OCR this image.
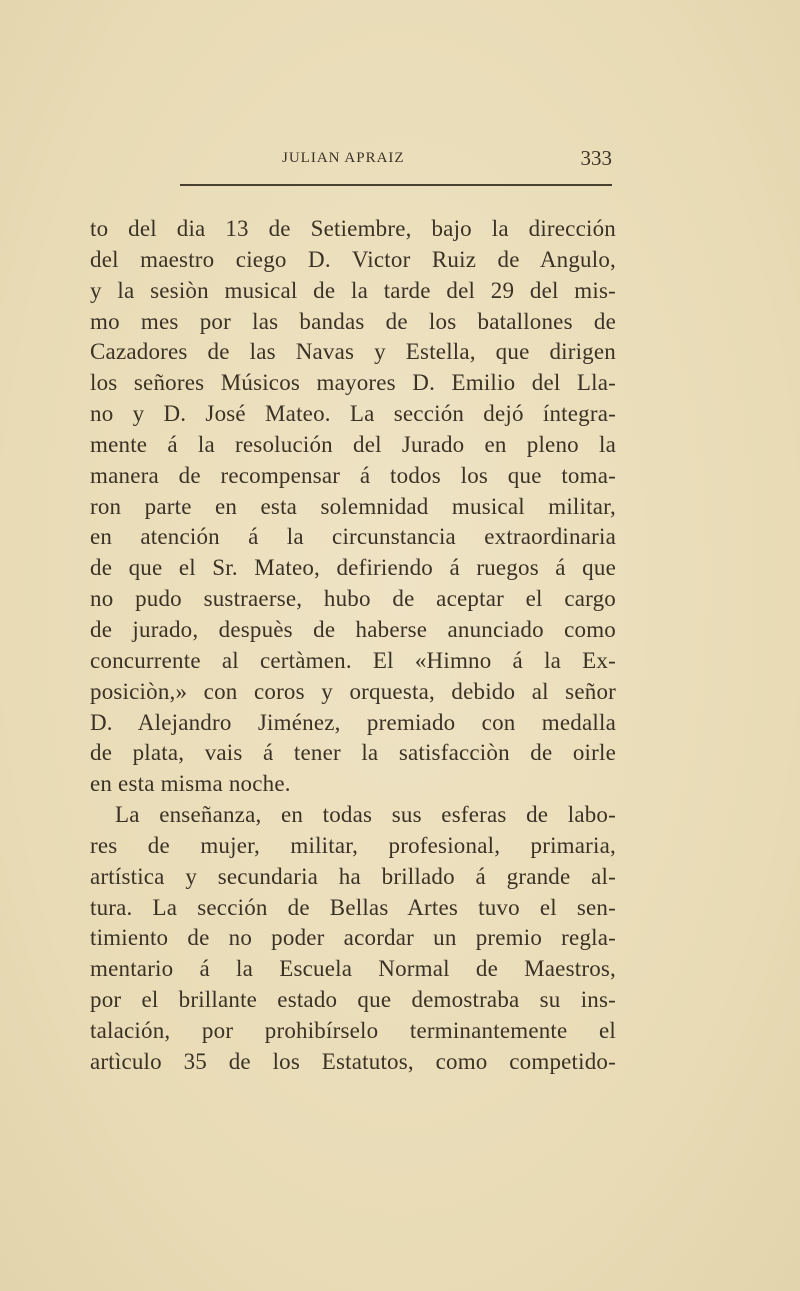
JULIAN APRAIZ	333
to del dia 13 de Setiembre, bajo la dirección
del maestro ciego D. Victor Ruiz de Angulo,
y la sesiòn musical de la tarde del 29 del mis-
mo mes por las bandas de los batallones de
Cazadores de las Navas y Estella, que dirigen
los señores Músicos mayores D. Emilio del Lla-
no y D. José Mateo. La sección dejó íntegra-
mente á la resolución del Jurado en pleno la
manera de recompensar á todos los que toma-
ron parte en esta solemnidad musical militar,
en atención á la circunstancia extraordinaria
de que el Sr. Mateo, defiriendo á ruegos á que
no pudo sustraerse, hubo de aceptar el cargo
de jurado, despuès de haberse anunciado como
concurrente al certàmen. El «Himno á la Ex-
posiciòn,» con coros y orquesta, debido al señor
D. Alejandro Jiménez, premiado con medalla
de plata, vais á tener la satisfacciòn de oirle
en esta misma noche.
La enseñanza, en todas sus esferas de labo-
res de mujer, militar, profesional, primaria,
artística y secundaria ha brillado á grande al-
tura. La sección de Bellas Artes tuvo el sen-
timiento de no poder acordar un premio regla-
mentario á la Escuela Normal de Maestros,
por el brillante estado que demostraba su ins-
talación, por prohibírselo terminantemente el
artìculo 35 de los Estatutos, como competido-
